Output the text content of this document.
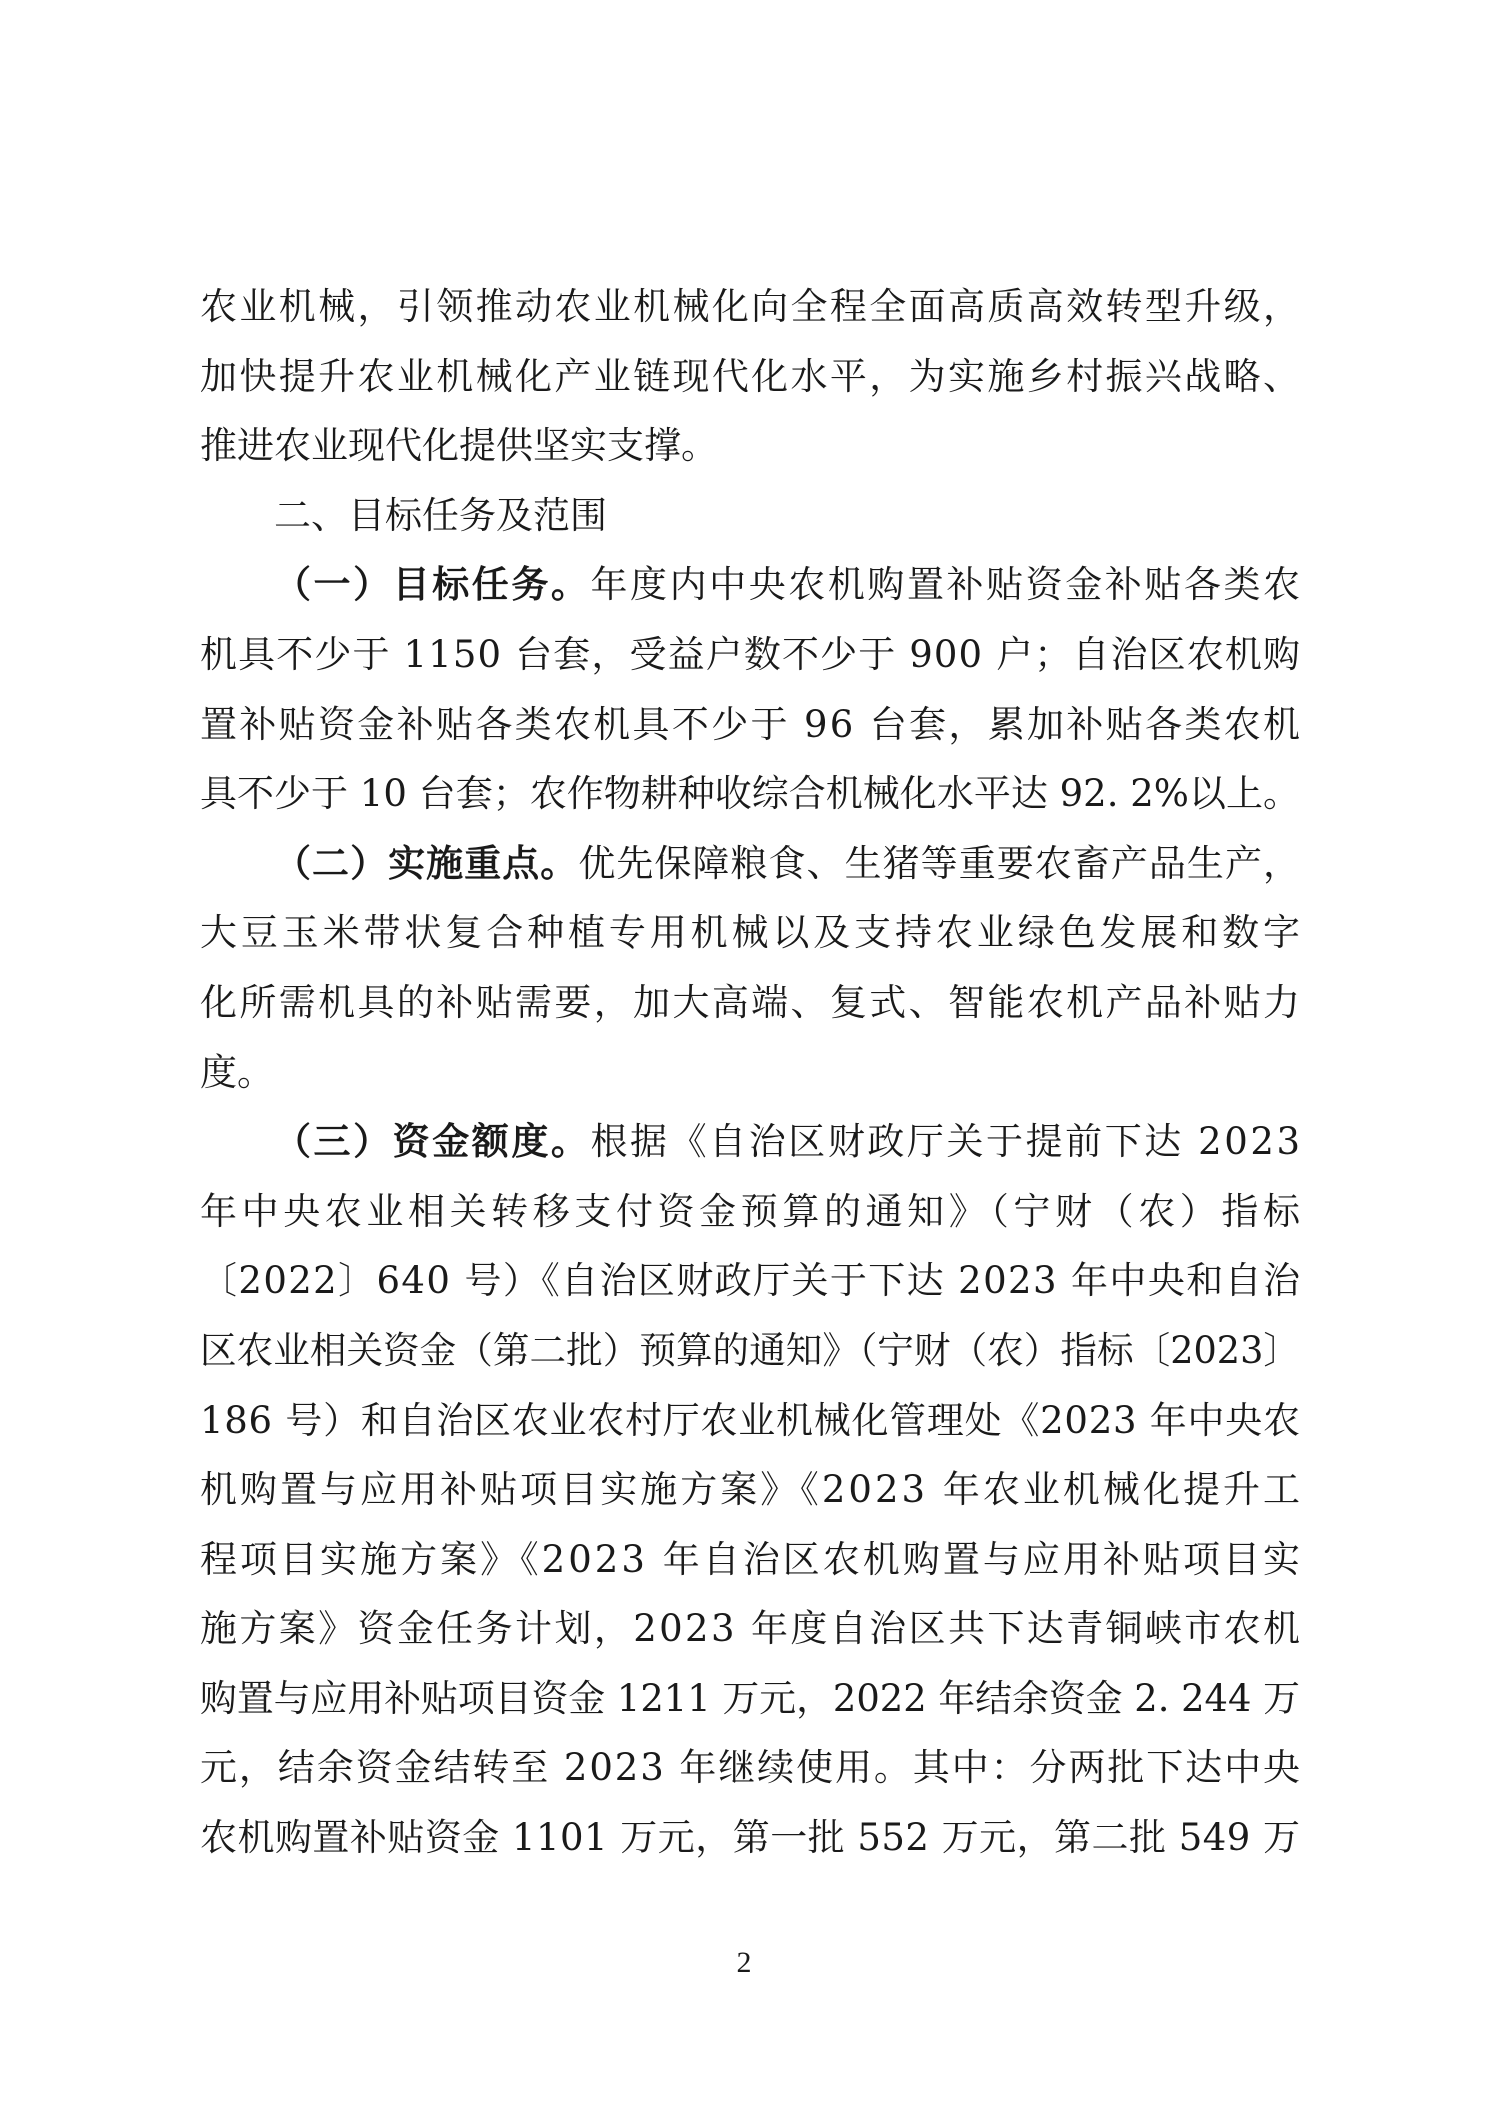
农业机械，引领推动农业机械化向全程全面高质高效转型升级，
加快提升农业机械化产业链现代化水平，为实施乡村振兴战略、
推进农业现代化提供坚实支撑。
二、目标任务及范围
（一）目标任务。年度内中央农机购置补贴资金补贴各类农
机具不少于 1150 台套，受益户数不少于 900 户；自治区农机购
置补贴资金补贴各类农机具不少于 96 台套，累加补贴各类农机
具不少于 10 台套；农作物耕种收综合机械化水平达 92. 2%以上。
（二）实施重点。优先保障粮食、生猪等重要农畜产品生产，
大豆玉米带状复合种植专用机械以及支持农业绿色发展和数字
化所需机具的补贴需要，加大高端、复式、智能农机产品补贴力
度。
（三）资金额度。根据《自治区财政厅关于提前下达 2023
年中央农业相关转移支付资金预算的通知》（宁财（农）指标
〔2022〕640 号）《自治区财政厅关于下达 2023 年中央和自治
区农业相关资金（第二批）预算的通知》（宁财（农）指标〔2023〕
186 号）和自治区农业农村厅农业机械化管理处《2023 年中央农
机购置与应用补贴项目实施方案》《2023 年农业机械化提升工
程项目实施方案》《2023 年自治区农机购置与应用补贴项目实
施方案》资金任务计划，2023 年度自治区共下达青铜峡市农机
购置与应用补贴项目资金 1211 万元，2022 年结余资金 2. 244 万
元，结余资金结转至 2023 年继续使用。其中：分两批下达中央
农机购置补贴资金 1101 万元，第一批 552 万元，第二批 549 万
2
